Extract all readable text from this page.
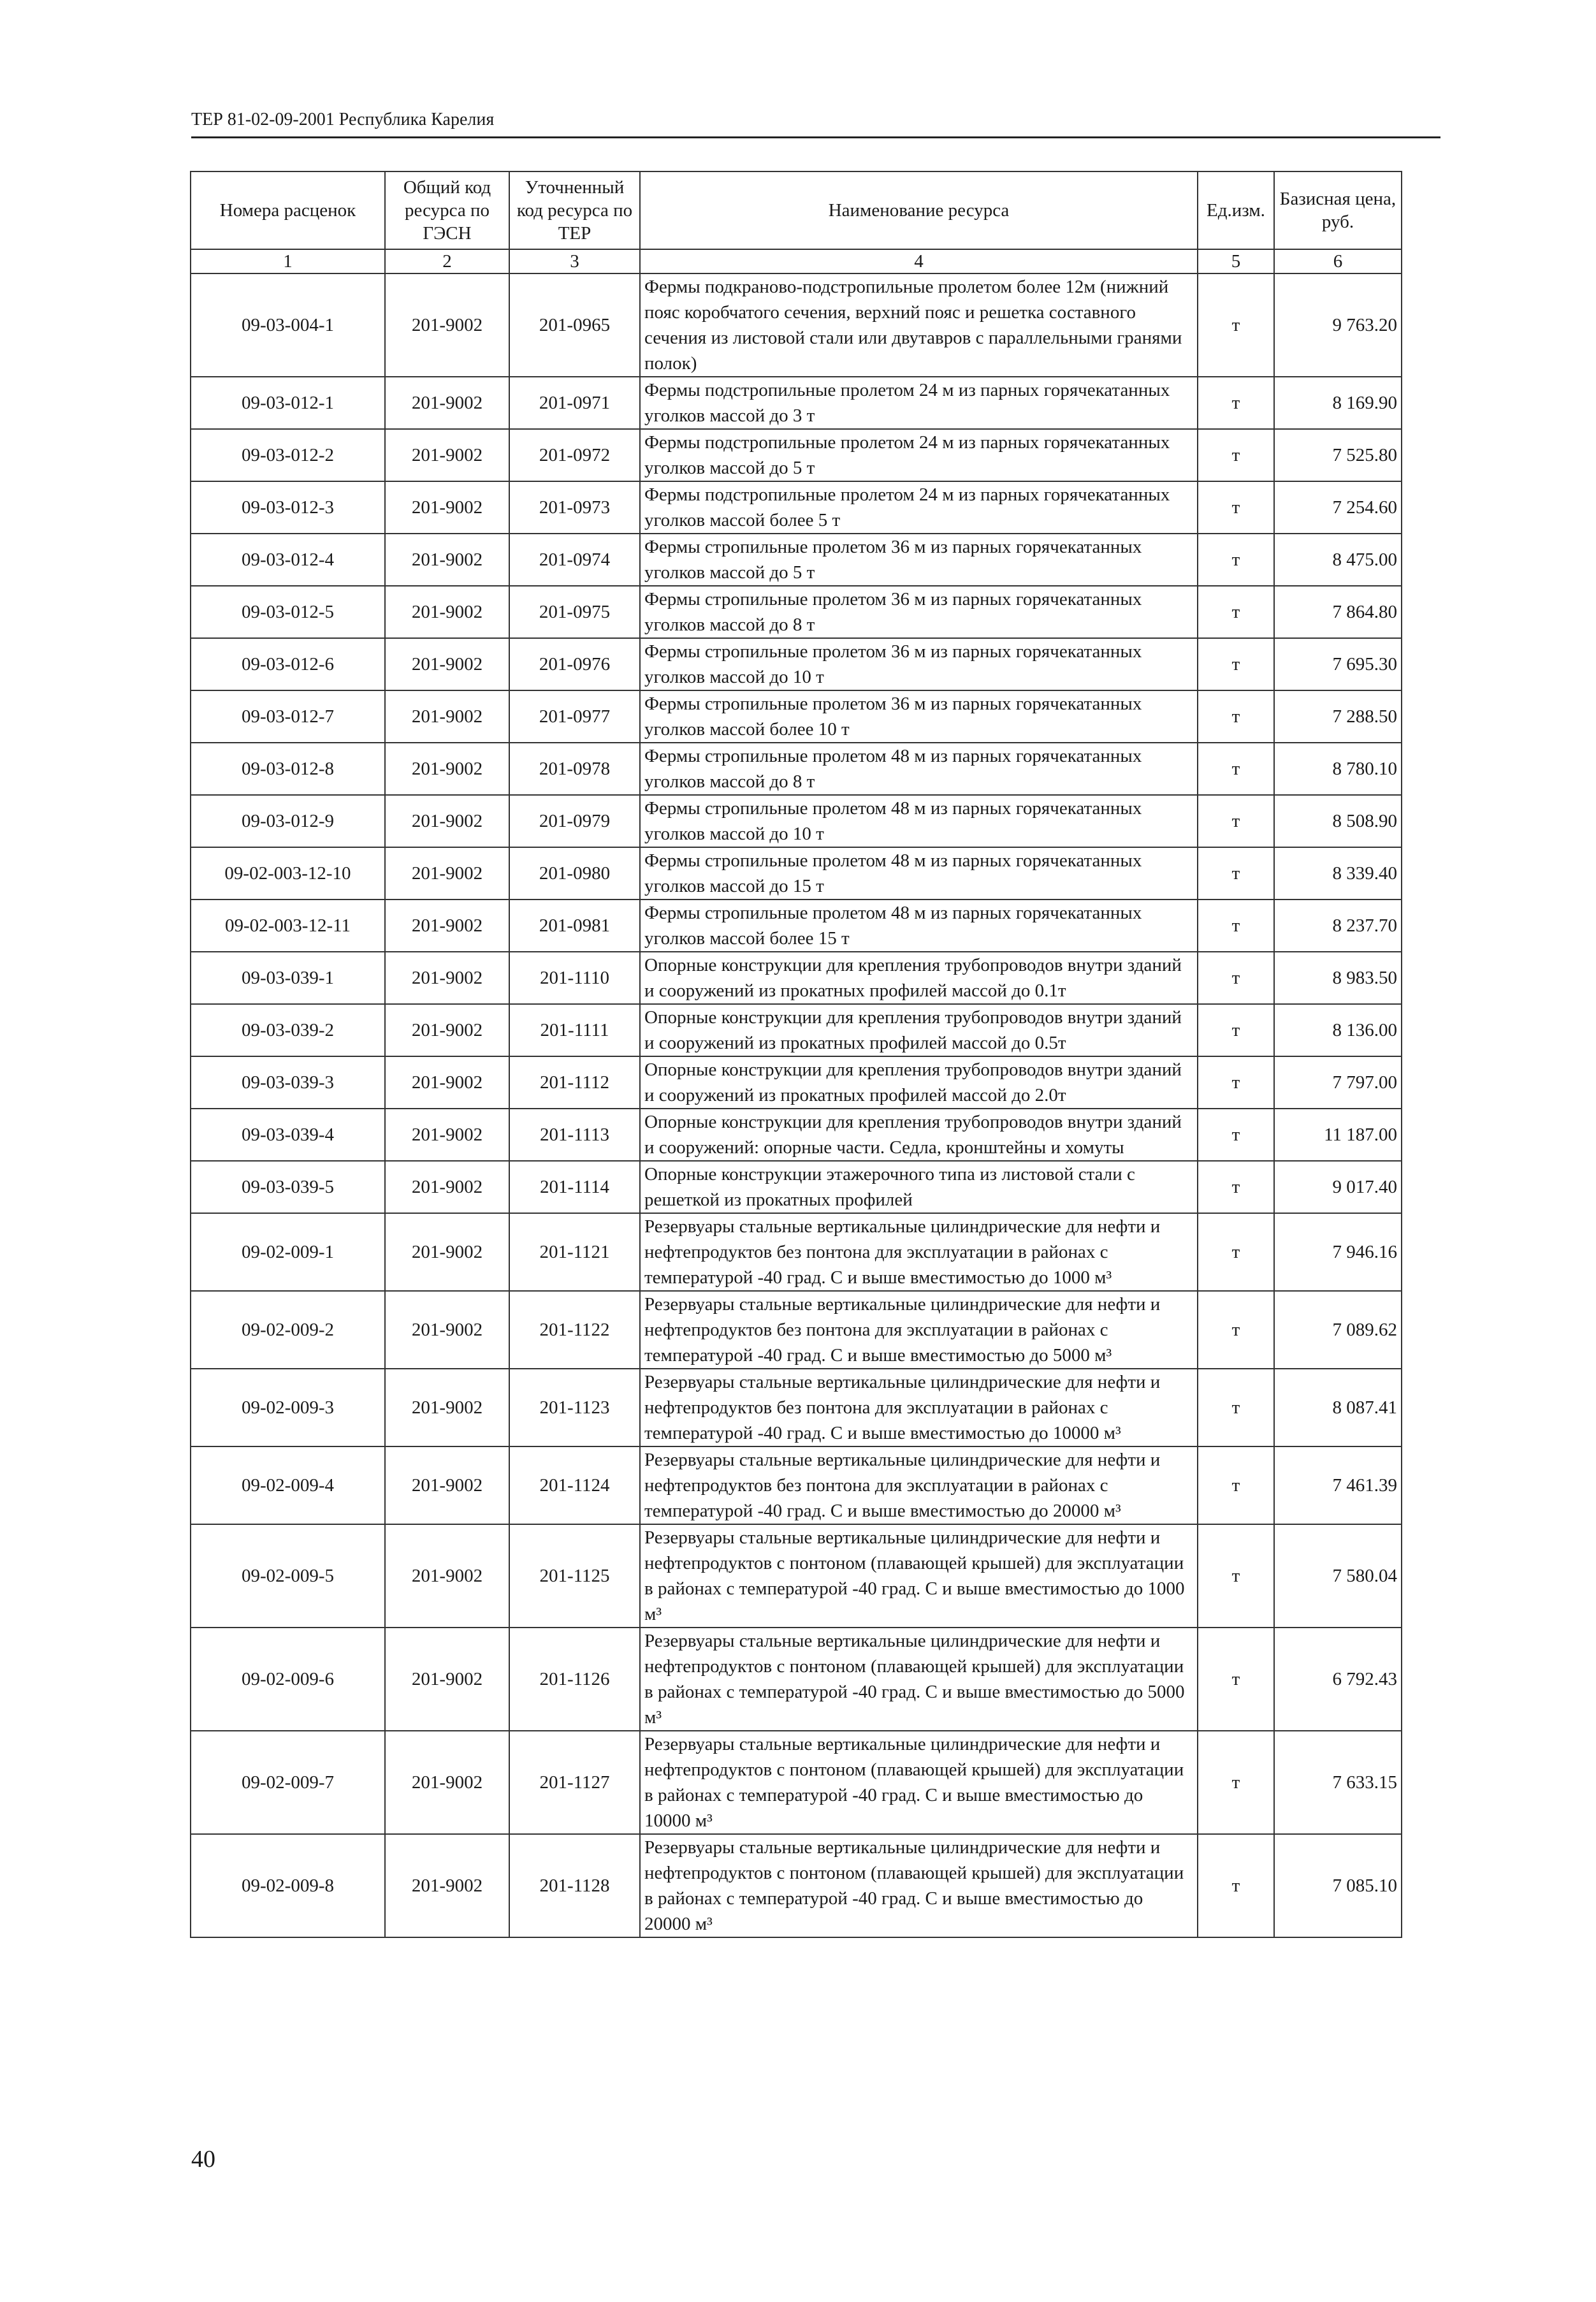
ТЕР 81-02-09-2001 Республика Карелия
Номера расценок	Общий код ресурса по ГЭСН	Уточненный код ресурса по ТЕР	Наименование ресурса	Ед.изм.	Базисная цена, руб.
1	2	3	4	5	6
09-03-004-1	201-9002	201-0965	Фермы подкраново-подстропильные пролетом более 12м (нижний пояс коробчатого сечения, верхний пояс и решетка составного сечения из листовой стали или двутавров с параллельными гранями полок)	т	9 763.20
09-03-012-1	201-9002	201-0971	Фермы подстропильные пролетом 24 м из парных горячекатанных уголков массой до 3 т	т	8 169.90
09-03-012-2	201-9002	201-0972	Фермы подстропильные пролетом 24 м из парных горячекатанных уголков массой до 5 т	т	7 525.80
09-03-012-3	201-9002	201-0973	Фермы подстропильные пролетом 24 м из парных горячекатанных уголков массой более 5 т	т	7 254.60
09-03-012-4	201-9002	201-0974	Фермы стропильные пролетом 36 м из парных горячекатанных уголков массой до 5 т	т	8 475.00
09-03-012-5	201-9002	201-0975	Фермы стропильные пролетом 36 м из парных горячекатанных уголков массой до 8 т	т	7 864.80
09-03-012-6	201-9002	201-0976	Фермы стропильные пролетом 36 м из парных горячекатанных уголков массой до 10 т	т	7 695.30
09-03-012-7	201-9002	201-0977	Фермы стропильные пролетом 36 м из парных горячекатанных уголков массой более 10 т	т	7 288.50
09-03-012-8	201-9002	201-0978	Фермы стропильные пролетом 48 м из парных горячекатанных уголков массой до 8 т	т	8 780.10
09-03-012-9	201-9002	201-0979	Фермы стропильные пролетом 48 м из парных горячекатанных уголков массой до 10 т	т	8 508.90
09-02-003-12-10	201-9002	201-0980	Фермы стропильные пролетом 48 м из парных горячекатанных уголков массой до 15 т	т	8 339.40
09-02-003-12-11	201-9002	201-0981	Фермы стропильные пролетом 48 м из парных горячекатанных уголков массой более 15 т	т	8 237.70
09-03-039-1	201-9002	201-1110	Опорные конструкции для крепления трубопроводов внутри зданий и сооружений из прокатных профилей массой до 0.1т	т	8 983.50
09-03-039-2	201-9002	201-1111	Опорные конструкции для крепления трубопроводов внутри зданий и сооружений из прокатных профилей массой до 0.5т	т	8 136.00
09-03-039-3	201-9002	201-1112	Опорные конструкции для крепления трубопроводов внутри зданий и сооружений из прокатных профилей массой до 2.0т	т	7 797.00
09-03-039-4	201-9002	201-1113	Опорные конструкции для крепления трубопроводов внутри зданий и сооружений: опорные части. Седла, кронштейны и хомуты	т	11 187.00
09-03-039-5	201-9002	201-1114	Опорные конструкции этажерочного типа из листовой стали с решеткой из прокатных профилей	т	9 017.40
09-02-009-1	201-9002	201-1121	Резервуары стальные вертикальные цилиндрические для нефти и нефтепродуктов без понтона для эксплуатации в районах с температурой -40 град. С и выше вместимостью до 1000 м³	т	7 946.16
09-02-009-2	201-9002	201-1122	Резервуары стальные вертикальные цилиндрические для нефти и нефтепродуктов без понтона для эксплуатации в районах с температурой -40 град. С и выше вместимостью до 5000 м³	т	7 089.62
09-02-009-3	201-9002	201-1123	Резервуары стальные вертикальные цилиндрические для нефти и нефтепродуктов без понтона для эксплуатации в районах с температурой -40 град. С и выше вместимостью до 10000 м³	т	8 087.41
09-02-009-4	201-9002	201-1124	Резервуары стальные вертикальные цилиндрические для нефти и нефтепродуктов без понтона для эксплуатации в районах с температурой -40 град. С и выше вместимостью до 20000 м³	т	7 461.39
09-02-009-5	201-9002	201-1125	Резервуары стальные вертикальные цилиндрические для нефти и нефтепродуктов с понтоном (плавающей крышей) для эксплуатации в районах с температурой -40 град. С и выше вместимостью до 1000 м³	т	7 580.04
09-02-009-6	201-9002	201-1126	Резервуары стальные вертикальные цилиндрические для нефти и нефтепродуктов с понтоном (плавающей крышей) для эксплуатации в районах с температурой -40 град. С и выше вместимостью до 5000 м³	т	6 792.43
09-02-009-7	201-9002	201-1127	Резервуары стальные вертикальные цилиндрические для нефти и нефтепродуктов с понтоном (плавающей крышей) для эксплуатации в районах с температурой -40 град. С и выше вместимостью до 10000 м³	т	7 633.15
09-02-009-8	201-9002	201-1128	Резервуары стальные вертикальные цилиндрические для нефти и нефтепродуктов с понтоном (плавающей крышей) для эксплуатации в районах с температурой -40 град. С и выше вместимостью до 20000 м³	т	7 085.10
40
